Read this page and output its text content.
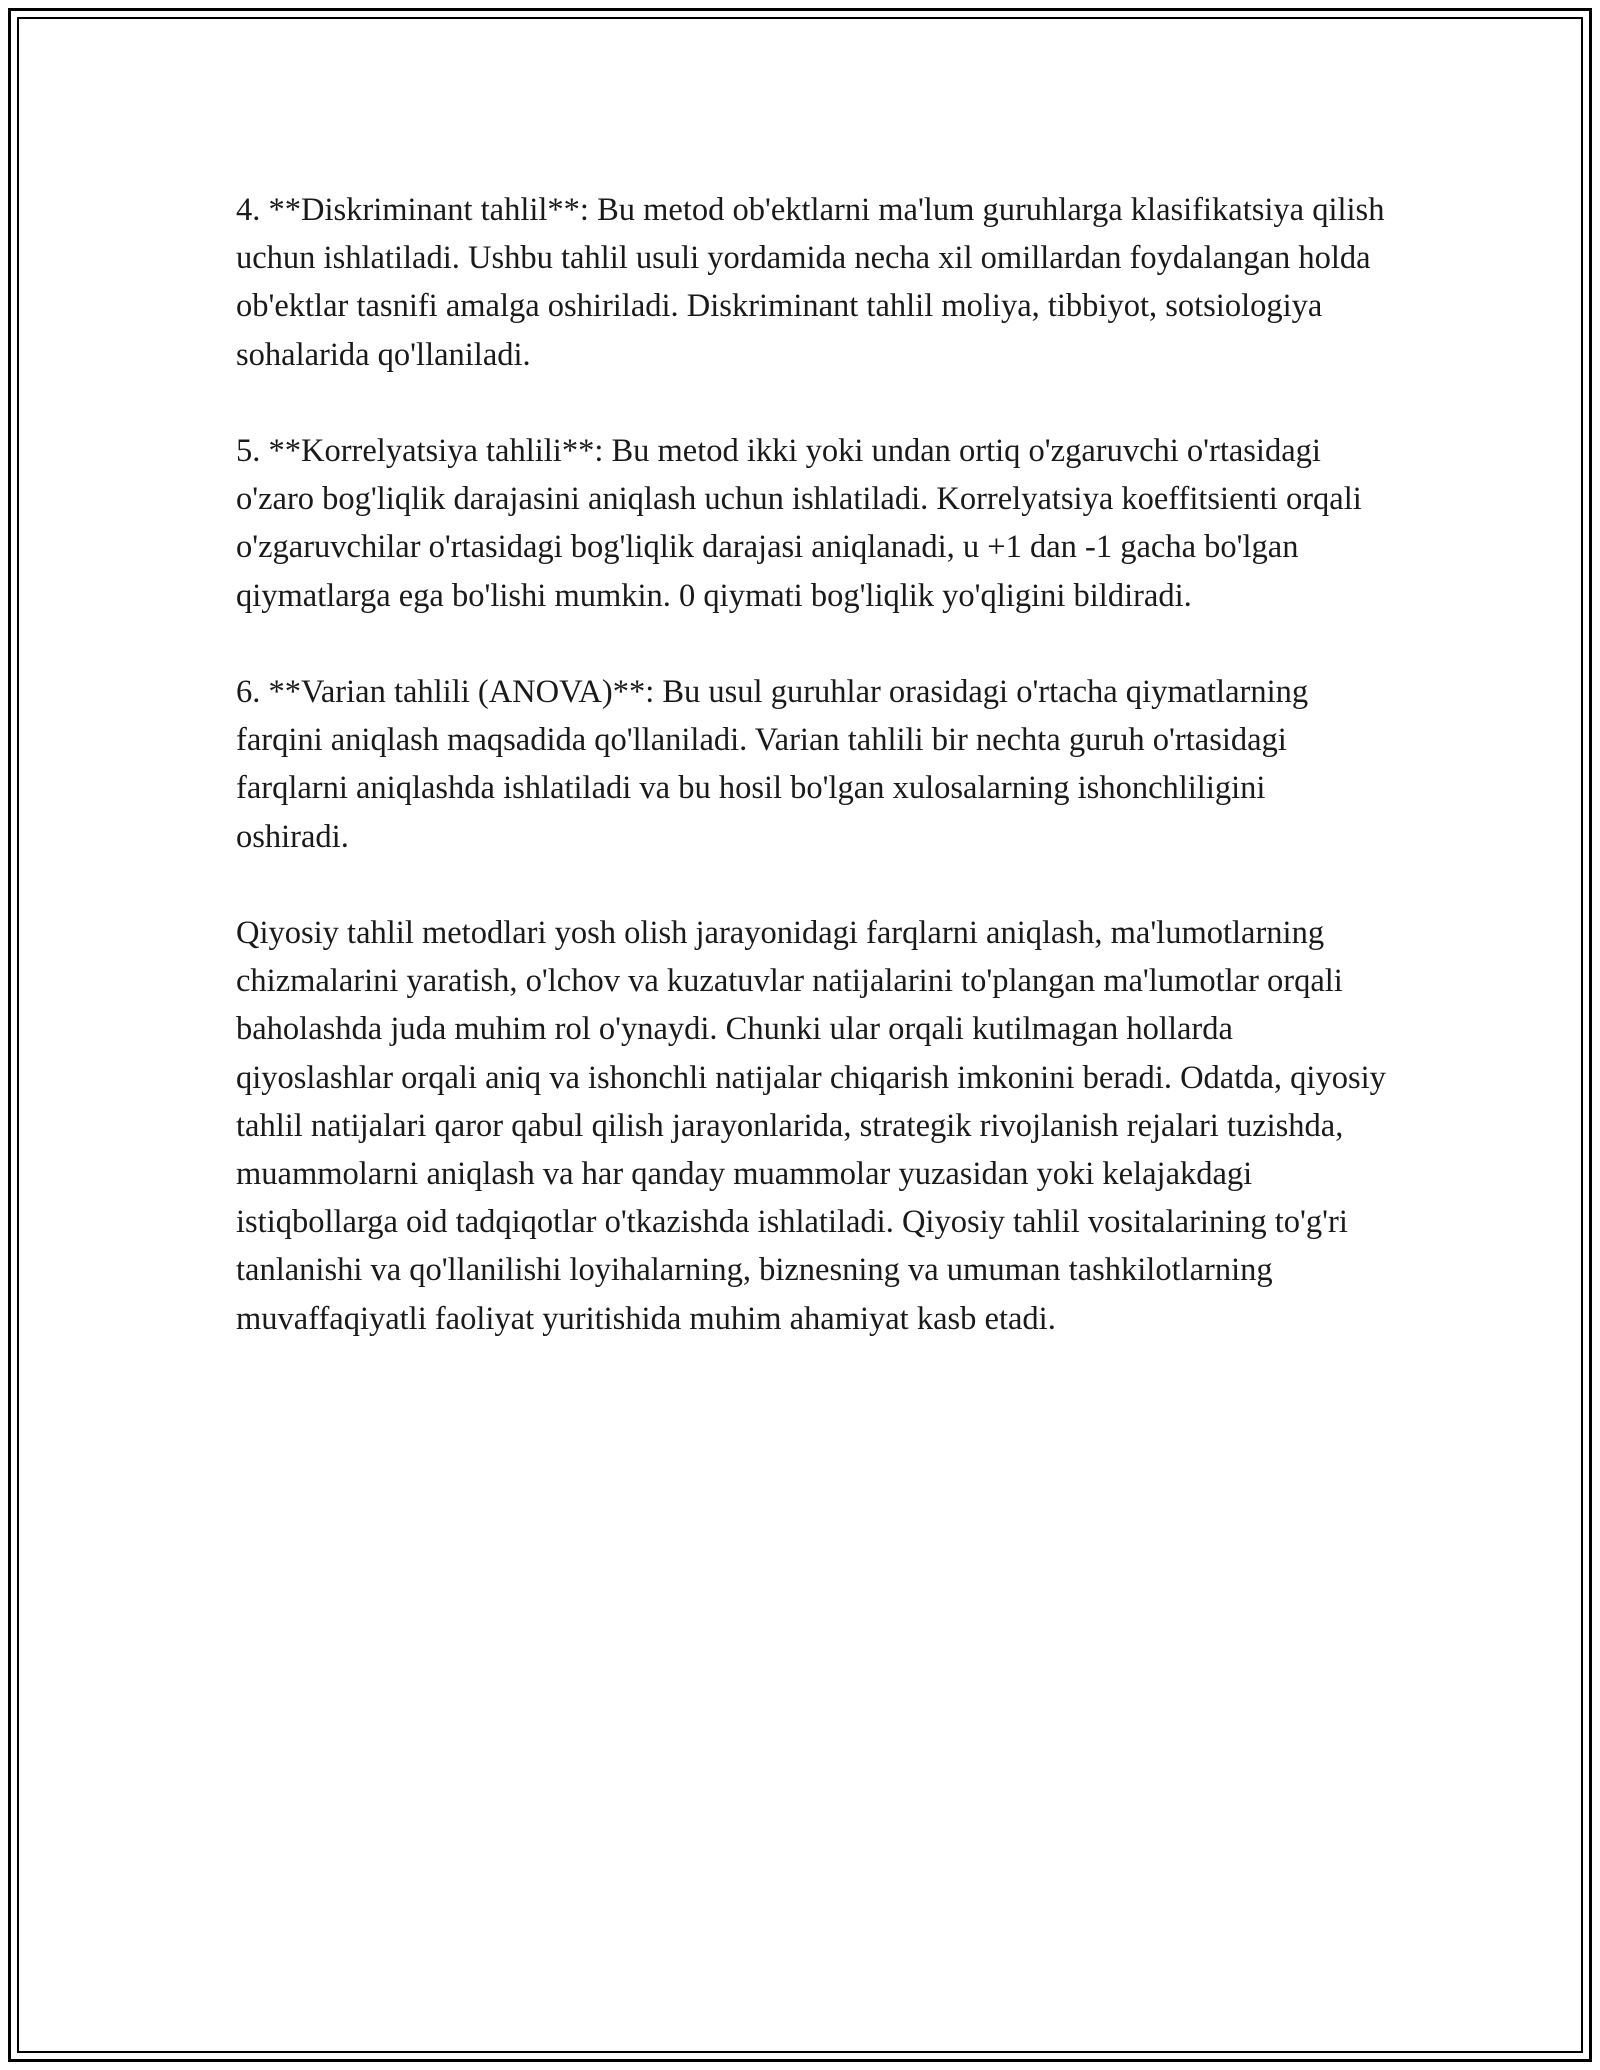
4. **Diskriminant tahlil**: Bu metod ob'ektlarni ma'lum guruhlarga klasifikatsiya qilish uchun ishlatiladi. Ushbu tahlil usuli yordamida necha xil omillardan foydalangan holda ob'ektlar tasnifi amalga oshiriladi. Diskriminant tahlil moliya, tibbiyot, sotsiologiya sohalarida qo'llaniladi.

5. **Korrelyatsiya tahlili**: Bu metod ikki yoki undan ortiq o'zgaruvchi o'rtasidagi o'zaro bog'liqlik darajasini aniqlash uchun ishlatiladi. Korrelyatsiya koeffitsienti orqali o'zgaruvchilar o'rtasidagi bog'liqlik darajasi aniqlanadi, u +1 dan -1 gacha bo'lgan qiymatlarga ega bo'lishi mumkin. 0 qiymati bog'liqlik yo'qligini bildiradi.

6. **Varian tahlili (ANOVA)**: Bu usul guruhlar orasidagi o'rtacha qiymatlarning farqini aniqlash maqsadida qo'llaniladi. Varian tahlili bir nechta guruh o'rtasidagi farqlarni aniqlashda ishlatiladi va bu hosil bo'lgan xulosalarning ishonchliligini oshiradi.

Qiyosiy tahlil metodlari yosh olish jarayonidagi farqlarni aniqlash, ma'lumotlarning chizmalarini yaratish, o'lchov va kuzatuvlar natijalarini to'plangan ma'lumotlar orqali baholashda juda muhim rol o'ynaydi. Chunki ular orqali kutilmagan hollarda qiyoslashlar orqali aniq va ishonchli natijalar chiqarish imkonini beradi. Odatda, qiyosiy tahlil natijalari qaror qabul qilish jarayonlarida, strategik rivojlanish rejalari tuzishda, muammolarni aniqlash va har qanday muammolar yuzasidan yoki kelajakdagi istiqbollarga oid tadqiqotlar o'tkazishda ishlatiladi. Qiyosiy tahlil vositalarining to'g'ri tanlanishi va qo'llanilishi loyihalarning, biznesning va umuman tashkilotlarning muvaffaqiyatli faoliyat yuritishida muhim ahamiyat kasb etadi.
